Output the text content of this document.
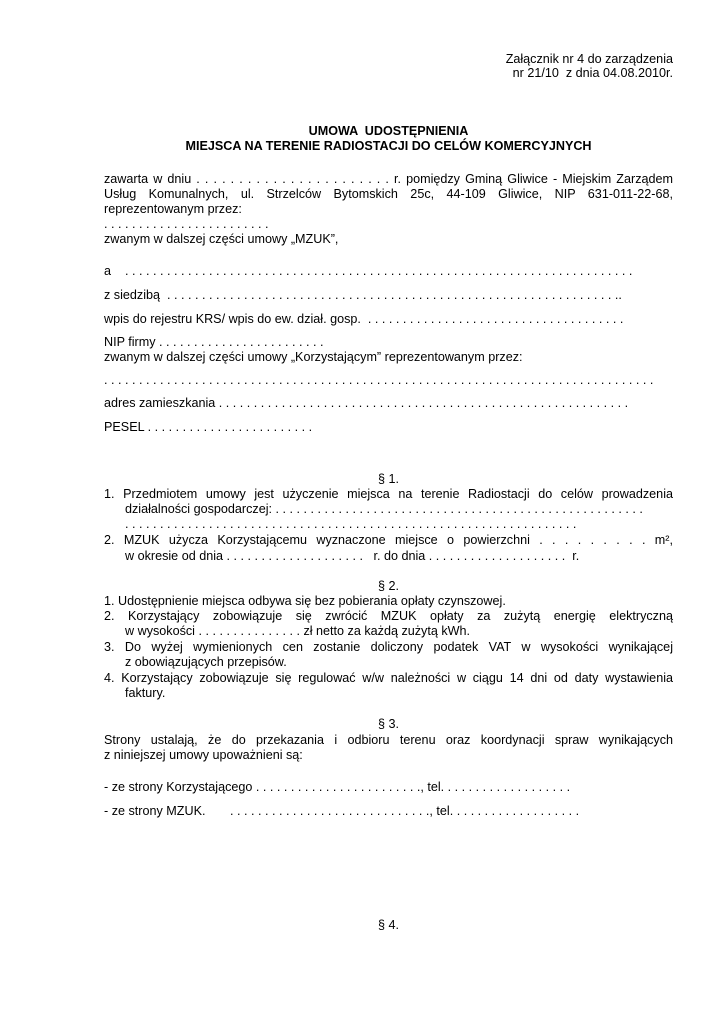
Załącznik nr 4 do zarządzenia
nr 21/10  z dnia 04.08.2010r.
UMOWA  UDOSTĘPNIENIA
MIEJSCA NA TERENIE RADIOSTACJI DO CELÓW KOMERCYJNYCH
zawarta w dniu . . . . . . . . . . . . . . . . . . . . . . . r. pomiędzy Gminą Gliwice - Miejskim Zarządem
Usług Komunalnych, ul. Strzelców Bytomskich 25c, 44-109 Gliwice, NIP 631-011-22-68,
reprezentowanym przez:
. . . . . . . . . . . . . . . . . . . . . . . .
zwanym w dalszej części umowy „MZUK”,
a    . . . . . . . . . . . . . . . . . . . . . . . . . . . . . . . . . . . . . . . . . . . . . . . . . . . . . . . . . . . . . . . . . . . . . . . . .
z siedzibą  . . . . . . . . . . . . . . . . . . . . . . . . . . . . . . . . . . . . . . . . . . . . . . . . . . . . . . . . . . . . . . . . ..
wpis do rejestru KRS/ wpis do ew. dział. gosp.  . . . . . . . . . . . . . . . . . . . . . . . . . . . . . . . . . . . . .
NIP firmy . . . . . . . . . . . . . . . . . . . . . . . .
zwanym w dalszej części umowy „Korzystającym” reprezentowanym przez:
. . . . . . . . . . . . . . . . . . . . . . . . . . . . . . . . . . . . . . . . . . . . . . . . . . . . . . . . . . . . . . . . . . . . . . . . . . . . . . .
adres zamieszkania . . . . . . . . . . . . . . . . . . . . . . . . . . . . . . . . . . . . . . . . . . . . . . . . . . . . . . . . . . .
PESEL . . . . . . . . . . . . . . . . . . . . . . . .
§ 1.
1. Przedmiotem umowy jest użyczenie miejsca na terenie Radiostacji do celów prowadzenia
działalności gospodarczej: . . . . . . . . . . . . . . . . . . . . . . . . . . . . . . . . . . . . . . . . . . . . . . . . . . . . .
. . . . . . . . . . . . . . . . . . . . . . . . . . . . . . . . . . . . . . . . . . . . . . . . . . . . . . . . . . . . . . . . .
2. MZUK użycza Korzystającemu wyznaczone miejsce o powierzchni . . . . . . . . . m²,
w okresie od dnia . . . . . . . . . . . . . . . . . . . .   r. do dnia . . . . . . . . . . . . . . . . . . . .  r.
§ 2.
1. Udostępnienie miejsca odbywa się bez pobierania opłaty czynszowej.
2. Korzystający zobowiązuje się zwrócić MZUK opłaty za zużytą energię elektryczną
w wysokości . . . . . . . . . . . . . . . zł netto za każdą zużytą kWh.
3. Do wyżej wymienionych cen zostanie doliczony podatek VAT w wysokości wynikającej
z obowiązujących przepisów.
4. Korzystający zobowiązuje się regulować w/w należności w ciągu 14 dni od daty wystawienia
faktury.
§ 3.
Strony ustalają, że do przekazania i odbioru terenu oraz koordynacji spraw wynikających
z niniejszej umowy upoważnieni są:
- ze strony Korzystającego . . . . . . . . . . . . . . . . . . . . . . . ., tel. . . . . . . . . . . . . . . . . . .
- ze strony MZUK.       . . . . . . . . . . . . . . . . . . . . . . . . . . . . ., tel. . . . . . . . . . . . . . . . . . .
§ 4.
